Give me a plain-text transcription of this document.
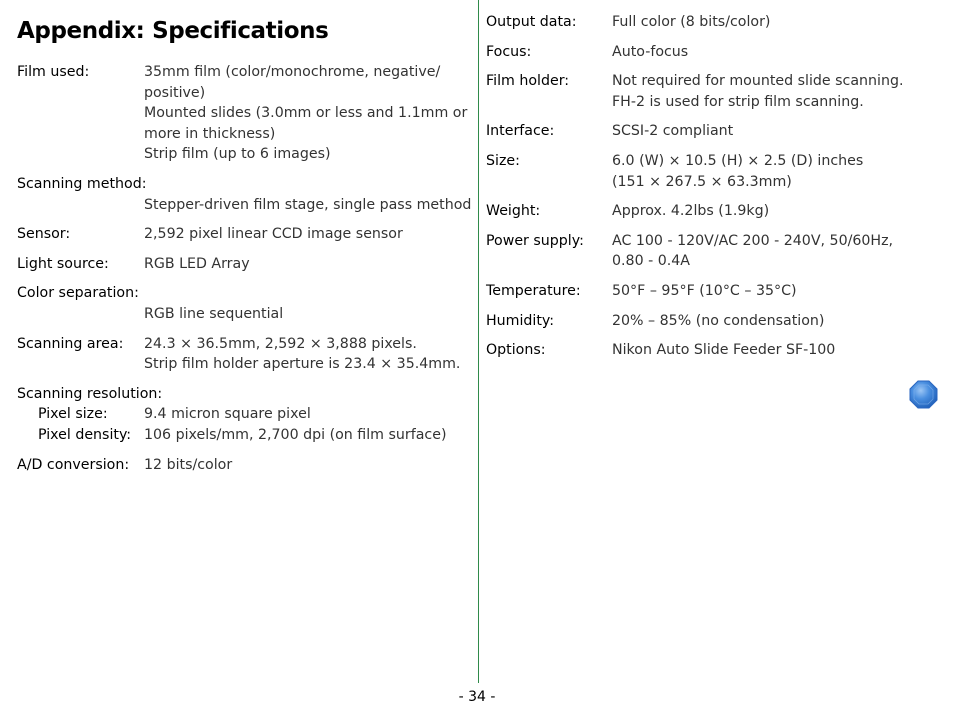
Appendix: Specifications
Film used:	35mm film (color/monochrome, negative/
positive)
Mounted slides (3.0mm or less and 1.1mm or
more in thickness)
Strip film (up to 6 images)
Scanning method:
Stepper-driven film stage, single pass method
Sensor:	2,592 pixel linear CCD image sensor
Light source:	RGB LED Array
Color separation:
RGB line sequential
Scanning area:	24.3 × 36.5mm, 2,592 × 3,888 pixels.
Strip film holder aperture is 23.4 × 35.4mm.
Scanning resolution:
Pixel size:	9.4 micron square pixel
Pixel density: 106 pixels/mm, 2,700 dpi (on film surface)
A/D conversion:	12 bits/color
Output data:	Full color (8 bits/color)
Focus:	Auto-focus
Film holder:	Not required for mounted slide scanning.
FH-2 is used for strip film scanning.
Interface:	SCSI-2 compliant
Size:	6.0 (W) × 10.5 (H) × 2.5 (D) inches
(151 × 267.5 × 63.3mm)
Weight:	Approx. 4.2lbs (1.9kg)
Power supply:	AC 100 - 120V/AC 200 - 240V, 50/60Hz,
0.80 - 0.4A
Temperature:	50°F – 95°F (10°C – 35°C)
Humidity:	20% – 85% (no condensation)
Options:	Nikon Auto Slide Feeder SF-100
- 34 -
